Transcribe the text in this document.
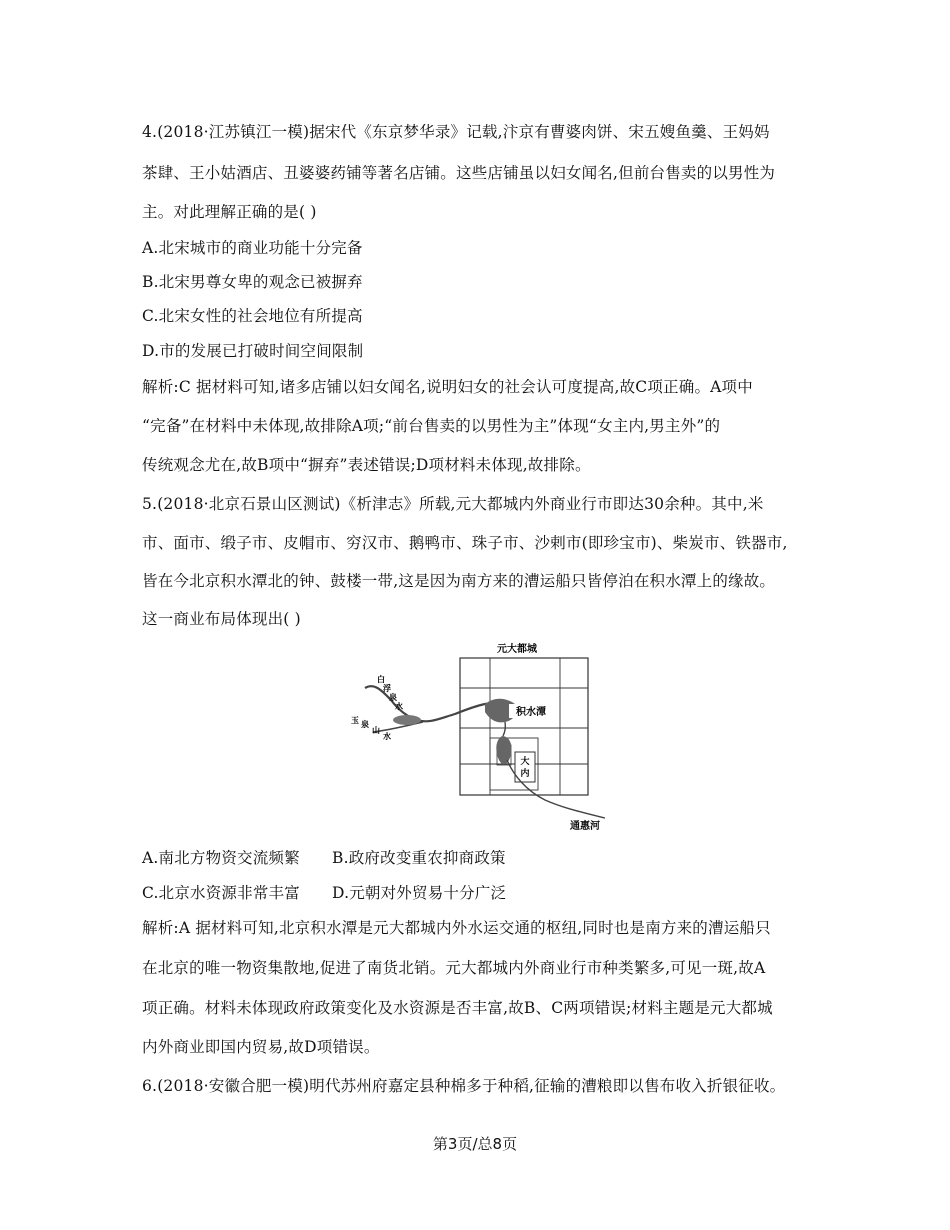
4.(2018·江苏镇江一模)据宋代《东京梦华录》记载,汴京有曹婆肉饼、宋五嫂鱼羹、王妈妈
茶肆、王小姑酒店、丑婆婆药铺等著名店铺。这些店铺虽以妇女闻名,但前台售卖的以男性为
主。对此理解正确的是( )
A.北宋城市的商业功能十分完备
B.北宋男尊女卑的观念已被摒弃
C.北宋女性的社会地位有所提高
D.市的发展已打破时间空间限制
解析:C 据材料可知,诸多店铺以妇女闻名,说明妇女的社会认可度提高,故C项正确。A项中
“完备”在材料中未体现,故排除A项;“前台售卖的以男性为主”体现“女主内,男主外”的
传统观念尤在,故B项中“摒弃”表述错误;D项材料未体现,故排除。
5.(2018·北京石景山区测试)《析津志》所载,元大都城内外商业行市即达30余种。其中,米
市、面市、缎子市、皮帽市、穷汉市、鹅鸭市、珠子市、沙剌市(即珍宝市)、柴炭市、铁器市,
皆在今北京积水潭北的钟、鼓楼一带,这是因为南方来的漕运船只皆停泊在积水潭上的缘故。
这一商业布局体现出( )
元大都城
白
浮
泉
水
玉 泉
山
水
积水潭
大
内
通惠河
A.南北方物资交流频繁 B.政府改变重农抑商政策
C.北京水资源非常丰富 D.元朝对外贸易十分广泛
解析:A 据材料可知,北京积水潭是元大都城内外水运交通的枢纽,同时也是南方来的漕运船只
在北京的唯一物资集散地,促进了南货北销。元大都城内外商业行市种类繁多,可见一斑,故A
项正确。材料未体现政府政策变化及水资源是否丰富,故B、C两项错误;材料主题是元大都城
内外商业即国内贸易,故D项错误。
6.(2018·安徽合肥一模)明代苏州府嘉定县种棉多于种稻,征输的漕粮即以售布收入折银征收。
第3页/总8页
